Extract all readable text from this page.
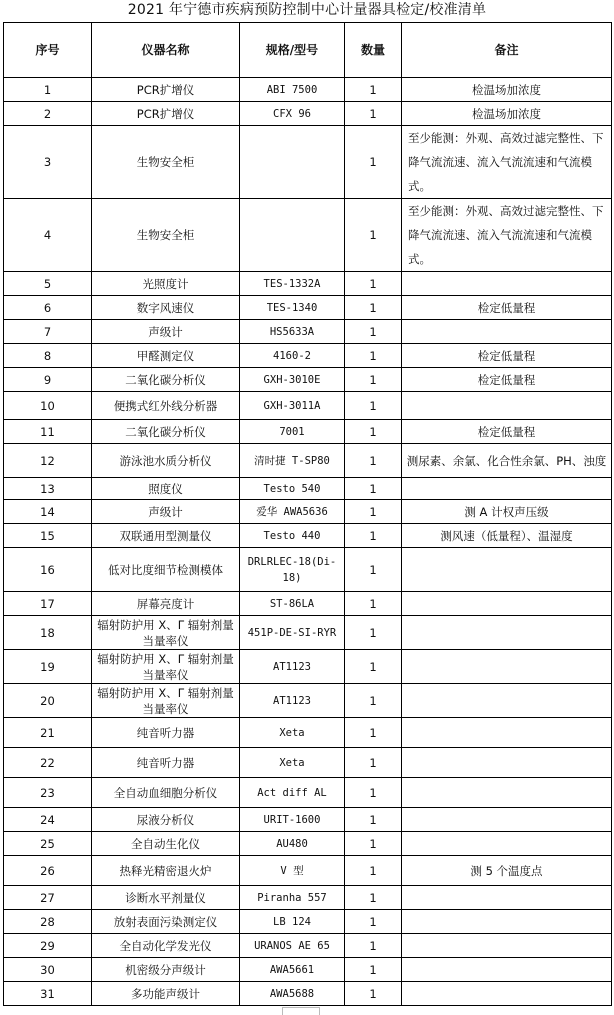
2021 年宁德市疾病预防控制中心计量器具检定/校准清单
序号	仪器名称	规格/型号	数量	备注
1	PCR扩增仪	ABI 7500	1	检温场加浓度
2	PCR扩增仪	CFX 96	1	检温场加浓度
3	生物安全柜		1	至少能测：外观、高效过滤完整性、下降气流流速、流入气流流速和气流模式。
4	生物安全柜		1	至少能测：外观、高效过滤完整性、下降气流流速、流入气流流速和气流模式。
5	光照度计	TES-1332A	1	
6	数字风速仪	TES-1340	1	检定低量程
7	声级计	HS5633A	1	
8	甲醛测定仪	4160-2	1	检定低量程
9	二氧化碳分析仪	GXH-3010E	1	检定低量程
10	便携式红外线分析器	GXH-3011A	1	
11	二氧化碳分析仪	7001	1	检定低量程
12	游泳池水质分析仪	清时捷 T-SP80	1	测尿素、余氯、化合性余氯、PH、浊度
13	照度仪	Testo 540	1	
14	声级计	爱华 AWA5636	1	测 A 计权声压级
15	双联通用型测量仪	Testo 440	1	测风速（低量程）、温湿度
16	低对比度细节检测模体	DRLRLEC-18(Di-18)	1	
17	屏幕亮度计	ST-86LA	1	
18	辐射防护用 X、Γ 辐射剂量当量率仪	451P-DE-SI-RYR	1	
19	辐射防护用 X、Γ 辐射剂量当量率仪	AT1123	1	
20	辐射防护用 X、Γ 辐射剂量当量率仪	AT1123	1	
21	纯音听力器	Xeta	1	
22	纯音听力器	Xeta	1	
23	全自动血细胞分析仪	Act diff AL	1	
24	尿液分析仪	URIT-1600	1	
25	全自动生化仪	AU480	1	
26	热释光精密退火炉	V 型	1	测 5 个温度点
27	诊断水平剂量仪	Piranha 557	1	
28	放射表面污染测定仪	LB 124	1	
29	全自动化学发光仪	URANOS AE 65	1	
30	机密级分声级计	AWA5661	1	
31	多功能声级计	AWA5688	1	
